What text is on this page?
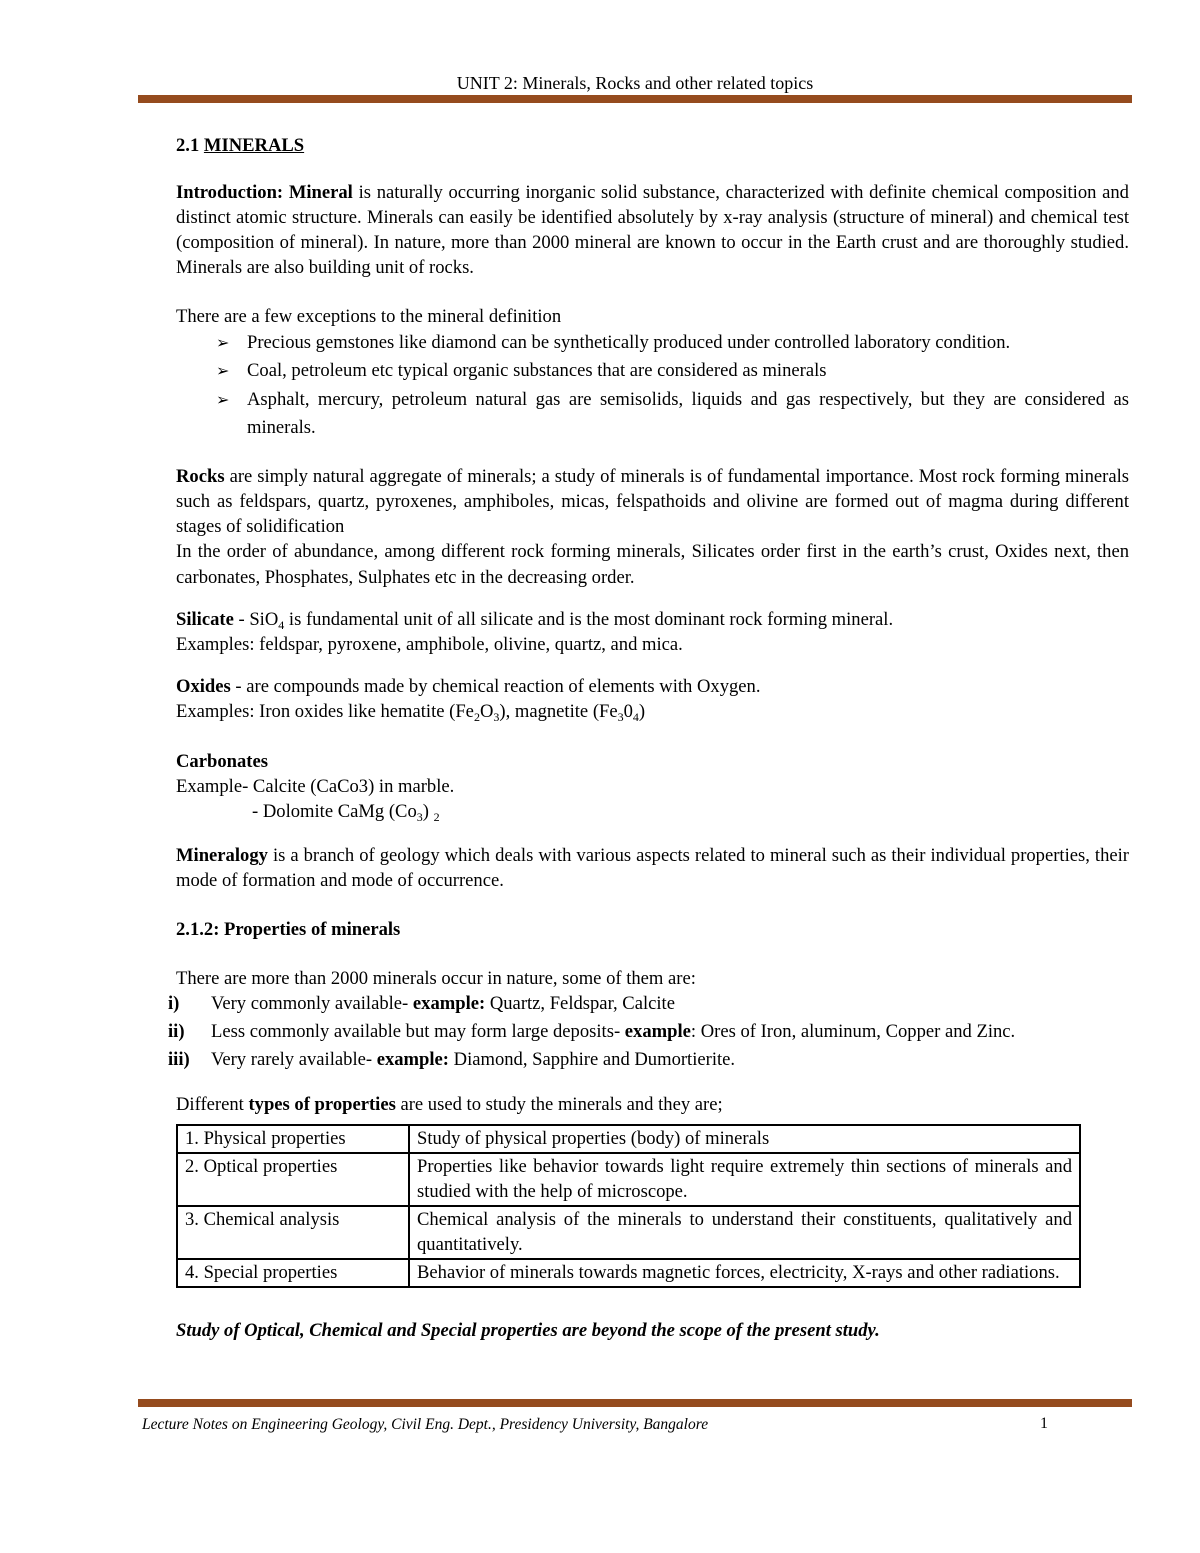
UNIT 2: Minerals, Rocks and other related topics

2.1 MINERALS

Introduction: Mineral is naturally occurring inorganic solid substance, characterized with definite chemical composition and distinct atomic structure. Minerals can easily be identified absolutely by x-ray analysis (structure of mineral) and chemical test (composition of mineral). In nature, more than 2000 mineral are known to occur in the Earth crust and are thoroughly studied. Minerals are also building unit of rocks.

There are a few exceptions to the mineral definition

➢ Precious gemstones like diamond can be synthetically produced under controlled laboratory condition.
➢ Coal, petroleum etc typical organic substances that are considered as minerals
➢ Asphalt, mercury, petroleum natural gas are semisolids, liquids and gas respectively, but they are considered as minerals.

Rocks are simply natural aggregate of minerals; a study of minerals is of fundamental importance. Most rock forming minerals such as feldspars, quartz, pyroxenes, amphiboles, micas, felspathoids and olivine are formed out of magma during different stages of solidification

In the order of abundance, among different rock forming minerals, Silicates order first in the earth’s crust, Oxides next, then carbonates, Phosphates, Sulphates etc in the decreasing order.

Silicate - SiO$_4$ is fundamental unit of all silicate and is the most dominant rock forming mineral.

Examples: feldspar, pyroxene, amphibole, olivine, quartz, and mica.

Oxides - are compounds made by chemical reaction of elements with Oxygen.

Examples: Iron oxides like hematite $(Fe_2O_3)$, magnetite $(Fe_30_4)$

Carbonates

Example- Calcite (CaCo3) in marble.

- Dolomite CaMg $(Co_3)$ $_2$

Mineralogy is a branch of geology which deals with various aspects related to mineral such as their individual properties, their mode of formation and mode of occurrence.

2.1.2: Properties of minerals

There are more than 2000 minerals occur in nature, some of them are:

i) Very commonly available- example: Quartz, Feldspar, Calcite
ii) Less commonly available but may form large deposits- example: Ores of Iron, aluminum, Copper and Zinc.
iii) Very rarely available- example: Diamond, Sapphire and Dumortierite.

Different types of properties are used to study the minerals and they are;

1. Physical properties	Study of physical properties (body) of minerals
2. Optical properties	Properties like behavior towards light require extremely thin sections of minerals and studied with the help of microscope.
3. Chemical analysis	Chemical analysis of the minerals to understand their constituents, qualitatively and quantitatively.
4. Special properties	Behavior of minerals towards magnetic forces, electricity, X-rays and other radiations.

Study of Optical, Chemical and Special properties are beyond the scope of the present study.

Lecture Notes on Engineering Geology, Civil Eng. Dept., Presidency University, Bangalore	1
